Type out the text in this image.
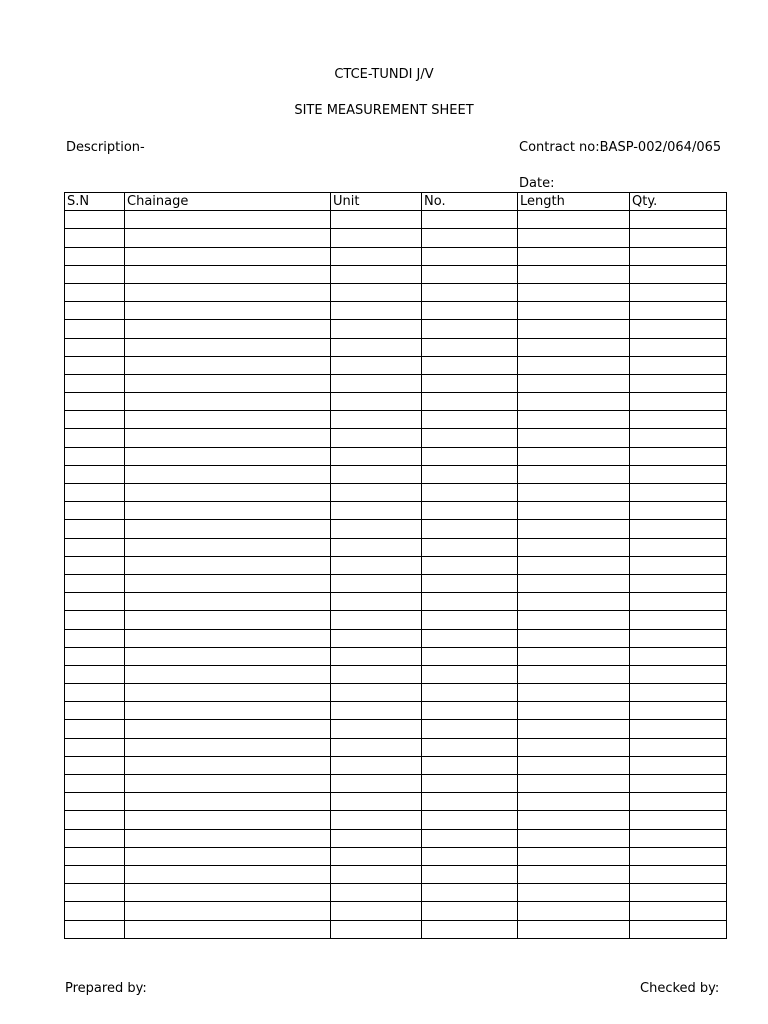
CTCE-TUNDI J/V
SITE MEASUREMENT SHEET
Description-	Contract no:BASP-002/064/065
Date:
S.N	Chainage	Unit	No.	Length	Qty.

Prepared by:	Checked by:
